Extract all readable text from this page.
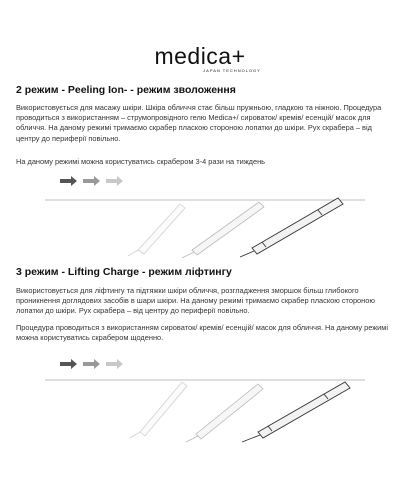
medica+
JAPAN TECHNOLOGY
2 режим - Peeling Ion- - режим зволоження

Використовується для масажу шкіри. Шкіра обличчя стає більш пружньою, гладкою та ніжною. Процедура проводиться з використанням – струмопровідного гелю Medica+/ сироваток/ кремів/ есенцій/ масок для обличчя. На даному режимі тримаємо скрабер пласкою стороною лопатки до шкіри. Рух скрабера – від центру до периферії повільно.

На даному режимі можна користуватись скрабером 3-4 рази на тиждень

3 режим - Lifting Charge - режим ліфтингу

Використовується для ліфтингу та підтяжки шкіри обличчя, розгладження зморшок більш глибокого проникнення доглядових засобів в шари шкіри. На даному режимі тримаємо скрабер пласкою стороною лопатки до шкіри. Рух скрабера – від центру до периферії повільно.

Процедура проводиться з використанням сироваток/ кремів/ есенцій/ масок для обличчя. На даному режимі можна користуватись скрабером щоденно.
